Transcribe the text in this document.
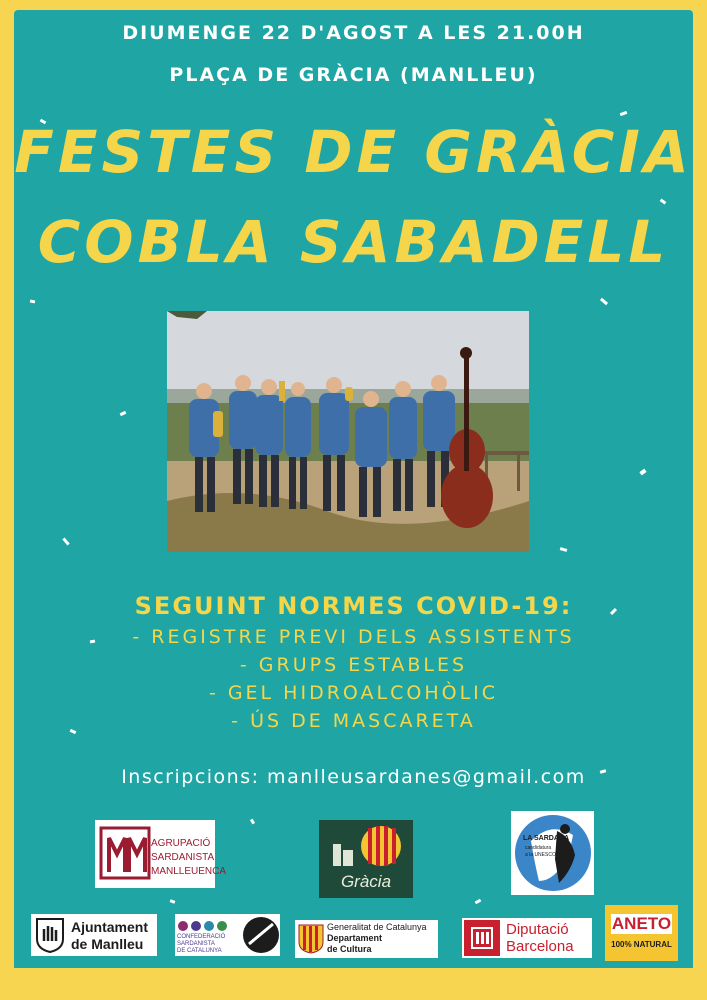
DIUMENGE 22 D'AGOST A LES 21.00H
PLAÇA DE GRÀCIA (MANLLEU)
FESTES DE GRÀCIA
COBLA SABADELL
SEGUINT NORMES COVID-19:
- REGISTRE PREVI DELS ASSISTENTS
- GRUPS ESTABLES
- GEL HIDROALCOHÒLIC
- ÚS DE MASCARETA
Inscripcions: manlleusardanes@gmail.com
AGRUPACIÓ
SARDANISTA
MANLLEUENCA
Gràcia
LA SARDANA
candidatura
a la UNESCO
Ajuntament
de Manlleu	CONFEDERACIÓ
SARDANISTA
DE CATALUNYA
Generalitat de Catalunya
Departament
de Cultura
Diputació
Barcelona
ANETO
100% NATURAL
